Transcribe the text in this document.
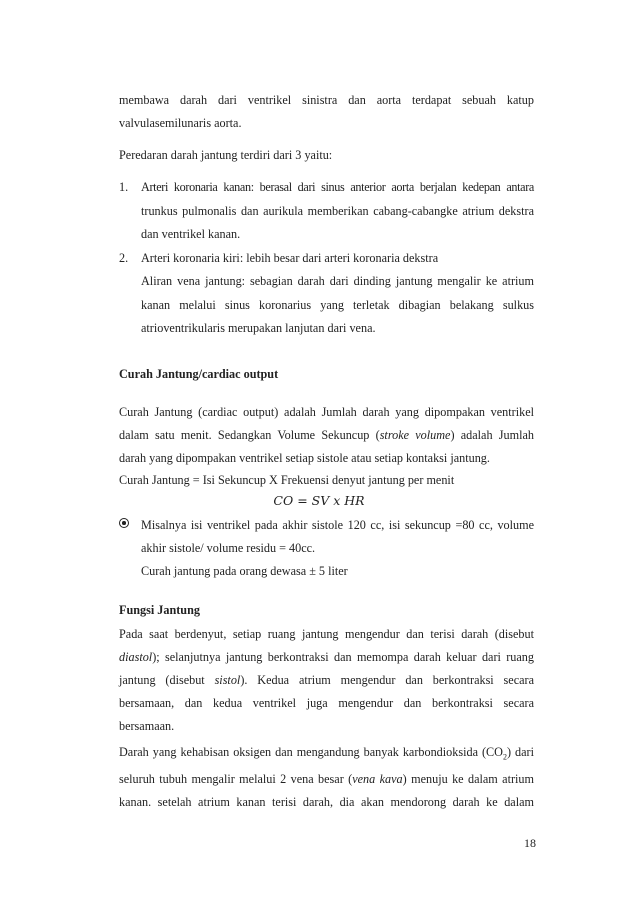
membawa darah dari ventrikel sinistra dan aorta terdapat sebuah katup

valvulasemilunaris aorta.

Peredaran darah jantung terdiri dari 3 yaitu:

1. Arteri koronaria kanan: berasal dari sinus anterior aorta berjalan kedepan antara

trunkus pulmonalis dan aurikula memberikan cabang-cabangke atrium dekstra

dan ventrikel kanan.

2. Arteri koronaria kiri: lebih besar dari arteri koronaria dekstra

Aliran vena jantung: sebagian darah dari dinding jantung mengalir ke atrium

kanan melalui sinus koronarius yang terletak dibagian belakang sulkus

atrioventrikularis merupakan lanjutan dari vena.

Curah Jantung/cardiac output

Curah Jantung (cardiac output) adalah Jumlah darah yang dipompakan ventrikel

dalam satu menit. Sedangkan Volume Sekuncup (stroke volume) adalah Jumlah

darah yang dipompakan ventrikel setiap sistole atau setiap kontaksi jantung.

Curah Jantung = Isi Sekuncup X Frekuensi denyut jantung per menit

CO = SV x HR

Misalnya isi ventrikel pada akhir sistole 120 cc, isi sekuncup =80 cc, volume

akhir sistole/ volume residu = 40cc.

Curah jantung pada orang dewasa ± 5 liter

Fungsi Jantung

Pada saat berdenyut, setiap ruang jantung mengendur dan terisi darah (disebut

diastol); selanjutnya jantung berkontraksi dan memompa darah keluar dari ruang

jantung (disebut sistol). Kedua atrium mengendur dan berkontraksi secara

bersamaan, dan kedua ventrikel juga mengendur dan berkontraksi secara

bersamaan.

Darah yang kehabisan oksigen dan mengandung banyak karbondioksida $(CO_2)$ dari

seluruh tubuh mengalir melalui 2 vena besar (vena kava) menuju ke dalam atrium

kanan. setelah atrium kanan terisi darah, dia akan mendorong darah ke dalam

18
